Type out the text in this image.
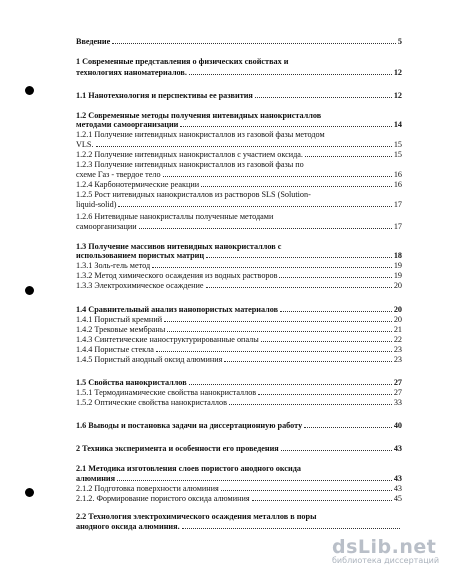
Введение	5
1 Современные представления о физических свойствах и
технологиях наноматериалов.	12
1.1 Нанотехнология и перспективы ее развития	12
1.2 Современные методы получения нитевидных нанокристаллов
методами самоорганизации	14
1.2.1 Получение нитевидных нанокристаллов из газовой фазы методом
VLS.	15
1.2.2 Получение нитевидных нанокристаллов с участием оксида.	15
1.2.3 Получение нитевидных нанокристаллов из газовой фазы по
схеме Газ - твердое тело	16
1.2.4 Карбонотермические реакции	16
1.2.5 Рост нитевидных нанокристаллов из растворов SLS (Solution-
liquid-solid)	17
1.2.6 Нитевидные нанокристаллы полученные методами
самоорганизации	17
1.3 Получение массивов нитевидных нанокристаллов с
использованием пористых матриц	18
1.3.1 Золь-гель метод	19
1.3.2 Метод химического осаждения из водных растворов	19
1.3.3 Электрохимическое осаждение	20
1.4 Сравнительный анализ нанопористых материалов	20
1.4.1 Пористый кремний	20
1.4.2 Трековые мембраны	21
1.4.3 Синтетические наноструктурированные опалы	22
1.4.4 Пористые стекла	23
1.4.5 Пористый анодный оксид алюминия	23
1.5 Свойства нанокристаллов	27
1.5.1 Термодинамические свойства нанокристаллов	27
1.5.2 Оптические свойства нанокристаллов	33
1.6 Выводы и постановка задачи на диссертационную работу	40
2 Техника эксперимента и особенности его проведения	43
2.1 Методика изготовления слоев пористого анодного оксида
алюминия	43
2.1.2 Подготовка поверхности алюминия	43
2.1.2. Формирование пористого оксида алюминия	45
2.2 Технология электрохимического осаждения металлов в поры
анодного оксида алюминия.
dsLib.net
библиотека диссертаций
